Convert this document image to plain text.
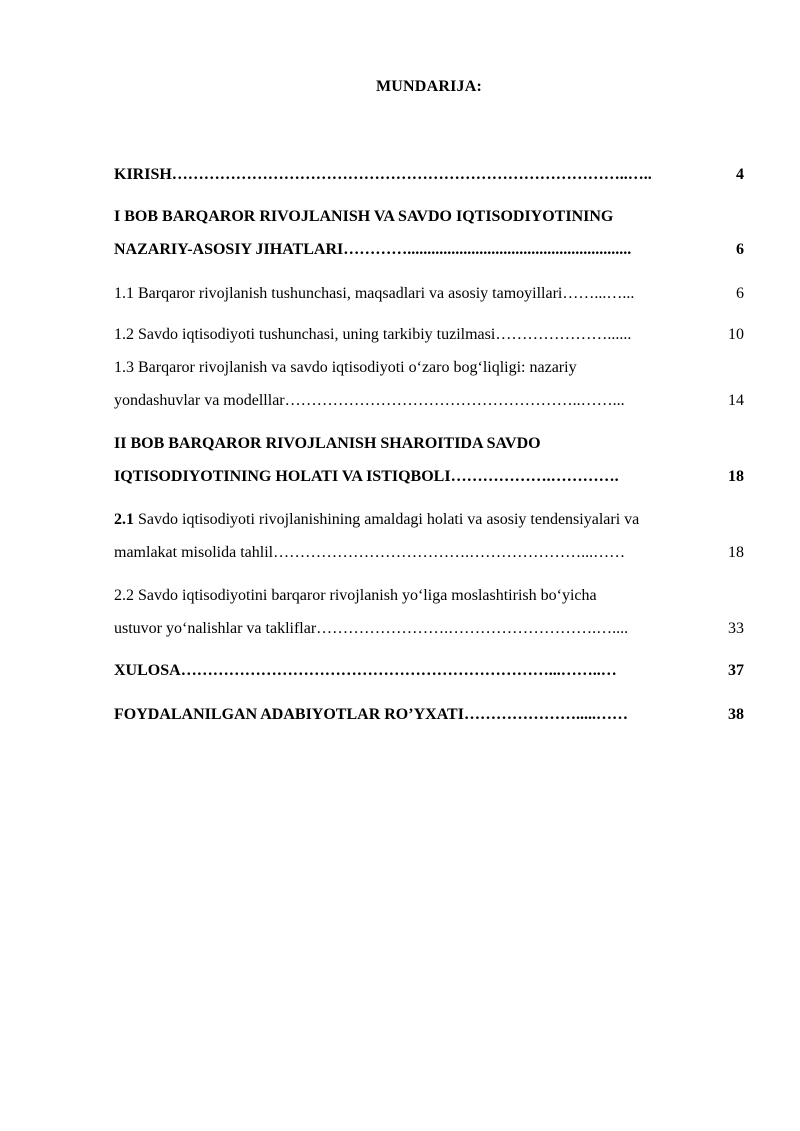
MUNDARIJA:
KIRISH …………………………………………………………………………..…..	4
I BOB BARQAROR RIVOJLANISH VA SAVDO IQTISODIYOTINING
NAZARIY-ASOSIY JIHATLARI …………........................................................	6
1.1 Barqaror rivojlanish tushunchasi, maqsadlari va asosiy tamoyillari ……...…...	6
1.2 Savdo iqtisodiyoti tushunchasi, uning tarkibiy tuzilmasi …………………......	10
1.3 Barqaror rivojlanish va savdo iqtisodiyoti o‘zaro bog‘liqligi: nazariy
yondashuvlar va modelllar ………………………………………………..……...	14
II BOB BARQAROR RIVOJLANISH SHAROITIDA SAVDO
IQTISODIYOTINING HOLATI VA ISTIQBOLI ……………….………….	18
2.1 Savdo iqtisodiyoti rivojlanishining amaldagi holati va asosiy tendensiyalari va
mamlakat misolida tahlil ……………………………….…………………...……	18
2.2 Savdo iqtisodiyotini barqaror rivojlanish yo‘liga moslashtirish bo‘yicha
ustuvor yo‘nalishlar va takliflar …………………….……………………….…....	33
XULOSA ……………………………………………………………...……..…	37
FOYDALANILGAN ADABIYOTLAR RO’YXATI ………………….....……	38
